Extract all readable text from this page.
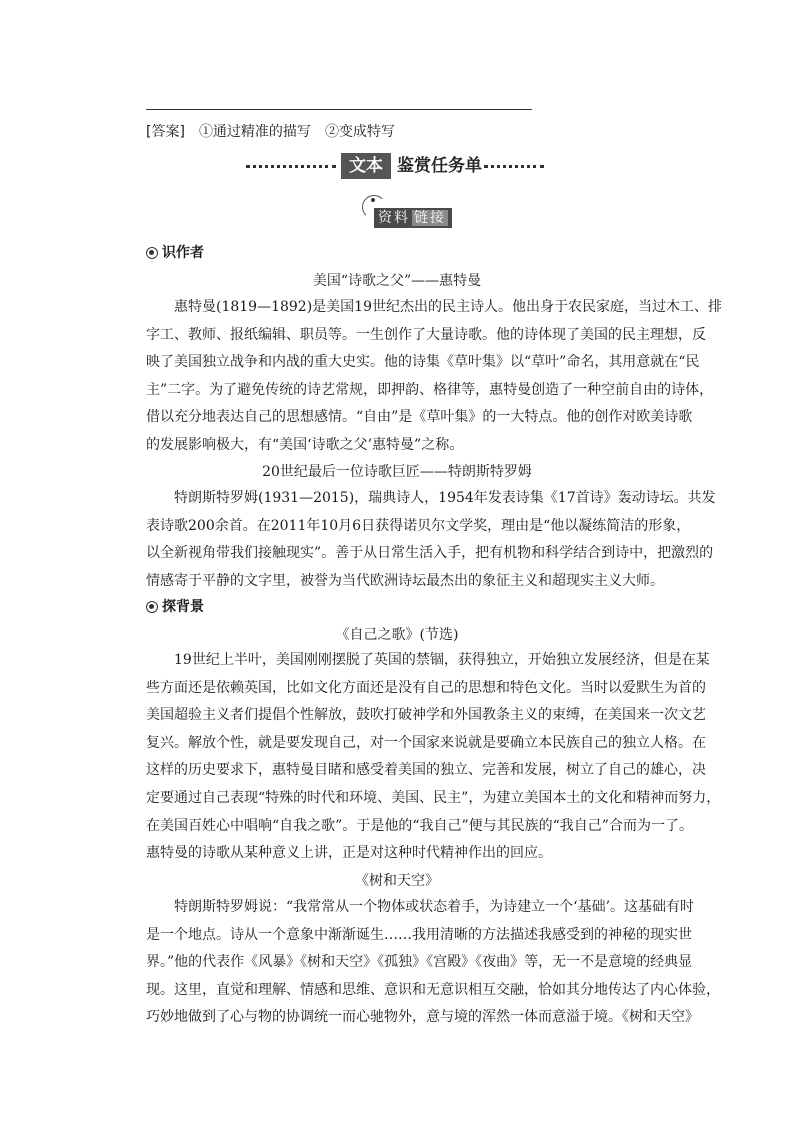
[答案] ①通过精准的描写 ②变成特写
文本 鉴赏任务单
资料 链接
识作者
美国“诗歌之父”——惠特曼
惠特曼(1819—1892)是美国19世纪杰出的民主诗人。他出身于农民家庭，当过木工、排
字工、教师、报纸编辑、职员等。一生创作了大量诗歌。他的诗体现了美国的民主理想，反
映了美国独立战争和内战的重大史实。他的诗集《草叶集》以“草叶”命名，其用意就在“民
主”二字。为了避免传统的诗艺常规，即押韵、格律等，惠特曼创造了一种空前自由的诗体，
借以充分地表达自己的思想感情。“自由”是《草叶集》的一大特点。他的创作对欧美诗歌
的发展影响极大，有“美国‘诗歌之父’惠特曼”之称。
20世纪最后一位诗歌巨匠——特朗斯特罗姆
特朗斯特罗姆(1931—2015)，瑞典诗人，1954年发表诗集《17首诗》轰动诗坛。共发
表诗歌200余首。在2011年10月6日获得诺贝尔文学奖，理由是“他以凝练简洁的形象，
以全新视角带我们接触现实”。善于从日常生活入手，把有机物和科学结合到诗中，把激烈的
情感寄于平静的文字里，被誉为当代欧洲诗坛最杰出的象征主义和超现实主义大师。
探背景
《自己之歌》(节选)
19世纪上半叶，美国刚刚摆脱了英国的禁锢，获得独立，开始独立发展经济，但是在某
些方面还是依赖英国，比如文化方面还是没有自己的思想和特色文化。当时以爱默生为首的
美国超验主义者们提倡个性解放，鼓吹打破神学和外国教条主义的束缚，在美国来一次文艺
复兴。解放个性，就是要发现自己，对一个国家来说就是要确立本民族自己的独立人格。在
这样的历史要求下，惠特曼目睹和感受着美国的独立、完善和发展，树立了自己的雄心，决
定要通过自己表现“特殊的时代和环境、美国、民主”，为建立美国本土的文化和精神而努力，
在美国百姓心中唱响“自我之歌”。于是他的“我自己”便与其民族的“我自己”合而为一了。
惠特曼的诗歌从某种意义上讲，正是对这种时代精神作出的回应。
《树和天空》
特朗斯特罗姆说：“我常常从一个物体或状态着手，为诗建立一个‘基础’。这基础有时
是一个地点。诗从一个意象中渐渐诞生……我用清晰的方法描述我感受到的神秘的现实世
界。”他的代表作《风暴》《树和天空》《孤独》《宫殿》《夜曲》等，无一不是意境的经典显
现。这里，直觉和理解、情感和思维、意识和无意识相互交融，恰如其分地传达了内心体验，
巧妙地做到了心与物的协调统一而心驰物外，意与境的浑然一体而意溢于境。《树和天空》
